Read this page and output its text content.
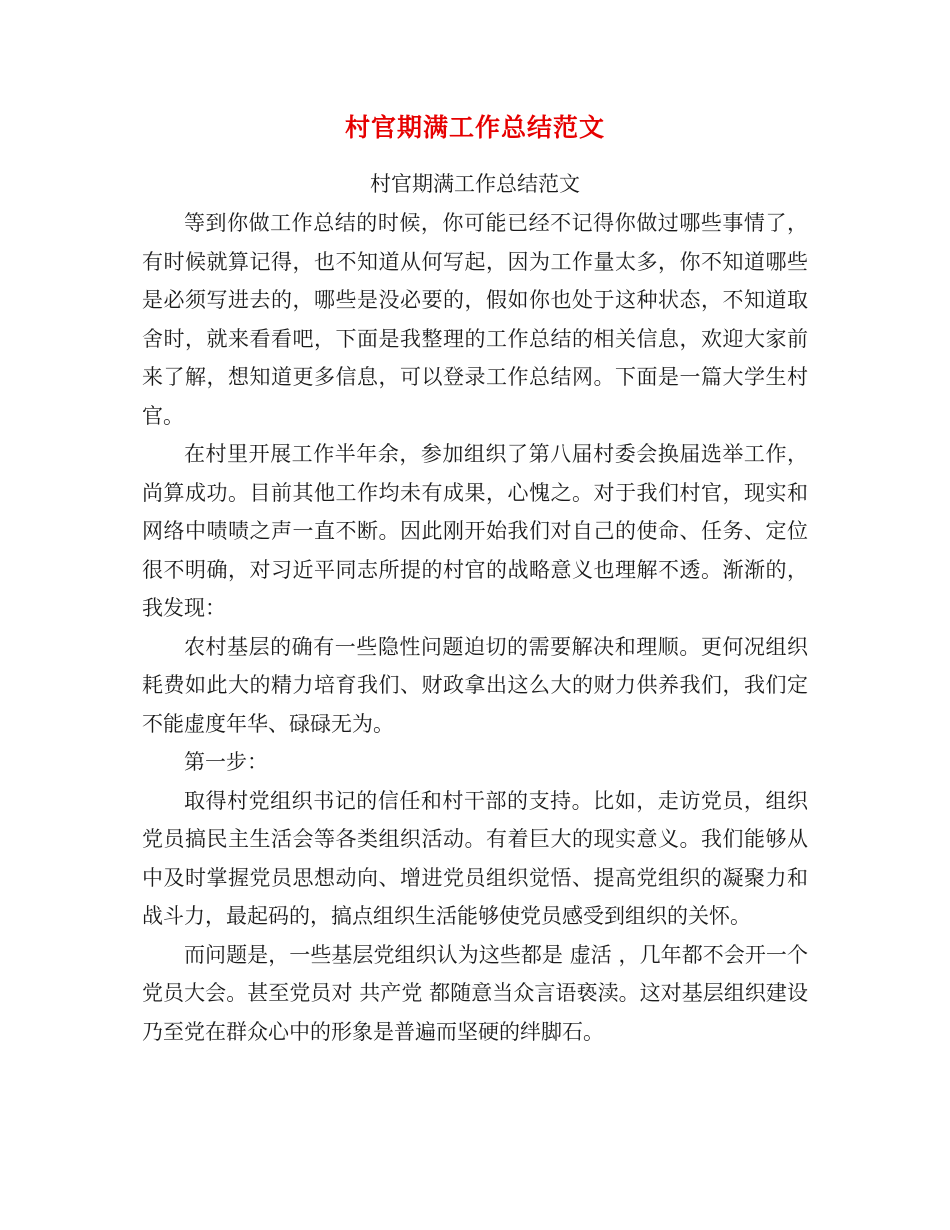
村官期满工作总结范文
村官期满工作总结范文

等到你做工作总结的时候，你可能已经不记得你做过哪些事情了，有时候就算记得，也不知道从何写起，因为工作量太多，你不知道哪些是必须写进去的，哪些是没必要的，假如你也处于这种状态，不知道取舍时，就来看看吧，下面是我整理的工作总结的相关信息，欢迎大家前来了解，想知道更多信息，可以登录工作总结网。下面是一篇大学生村官。

在村里开展工作半年余，参加组织了第八届村委会换届选举工作，尚算成功。目前其他工作均未有成果，心愧之。对于我们村官，现实和网络中啧啧之声一直不断。因此刚开始我们对自己的使命、任务、定位很不明确，对习近平同志所提的村官的战略意义也理解不透。渐渐的，我发现：

农村基层的确有一些隐性问题迫切的需要解决和理顺。更何况组织耗费如此大的精力培育我们、财政拿出这么大的财力供养我们，我们定不能虚度年华、碌碌无为。

第一步：

取得村党组织书记的信任和村干部的支持。比如，走访党员，组织党员搞民主生活会等各类组织活动。有着巨大的现实意义。我们能够从中及时掌握党员思想动向、增进党员组织觉悟、提高党组织的凝聚力和战斗力，最起码的，搞点组织生活能够使党员感受到组织的关怀。

而问题是，一些基层党组织认为这些都是 虚活 ，几年都不会开一个党员大会。甚至党员对 共产党 都随意当众言语亵渎。这对基层组织建设乃至党在群众心中的形象是普遍而坚硬的绊脚石。
